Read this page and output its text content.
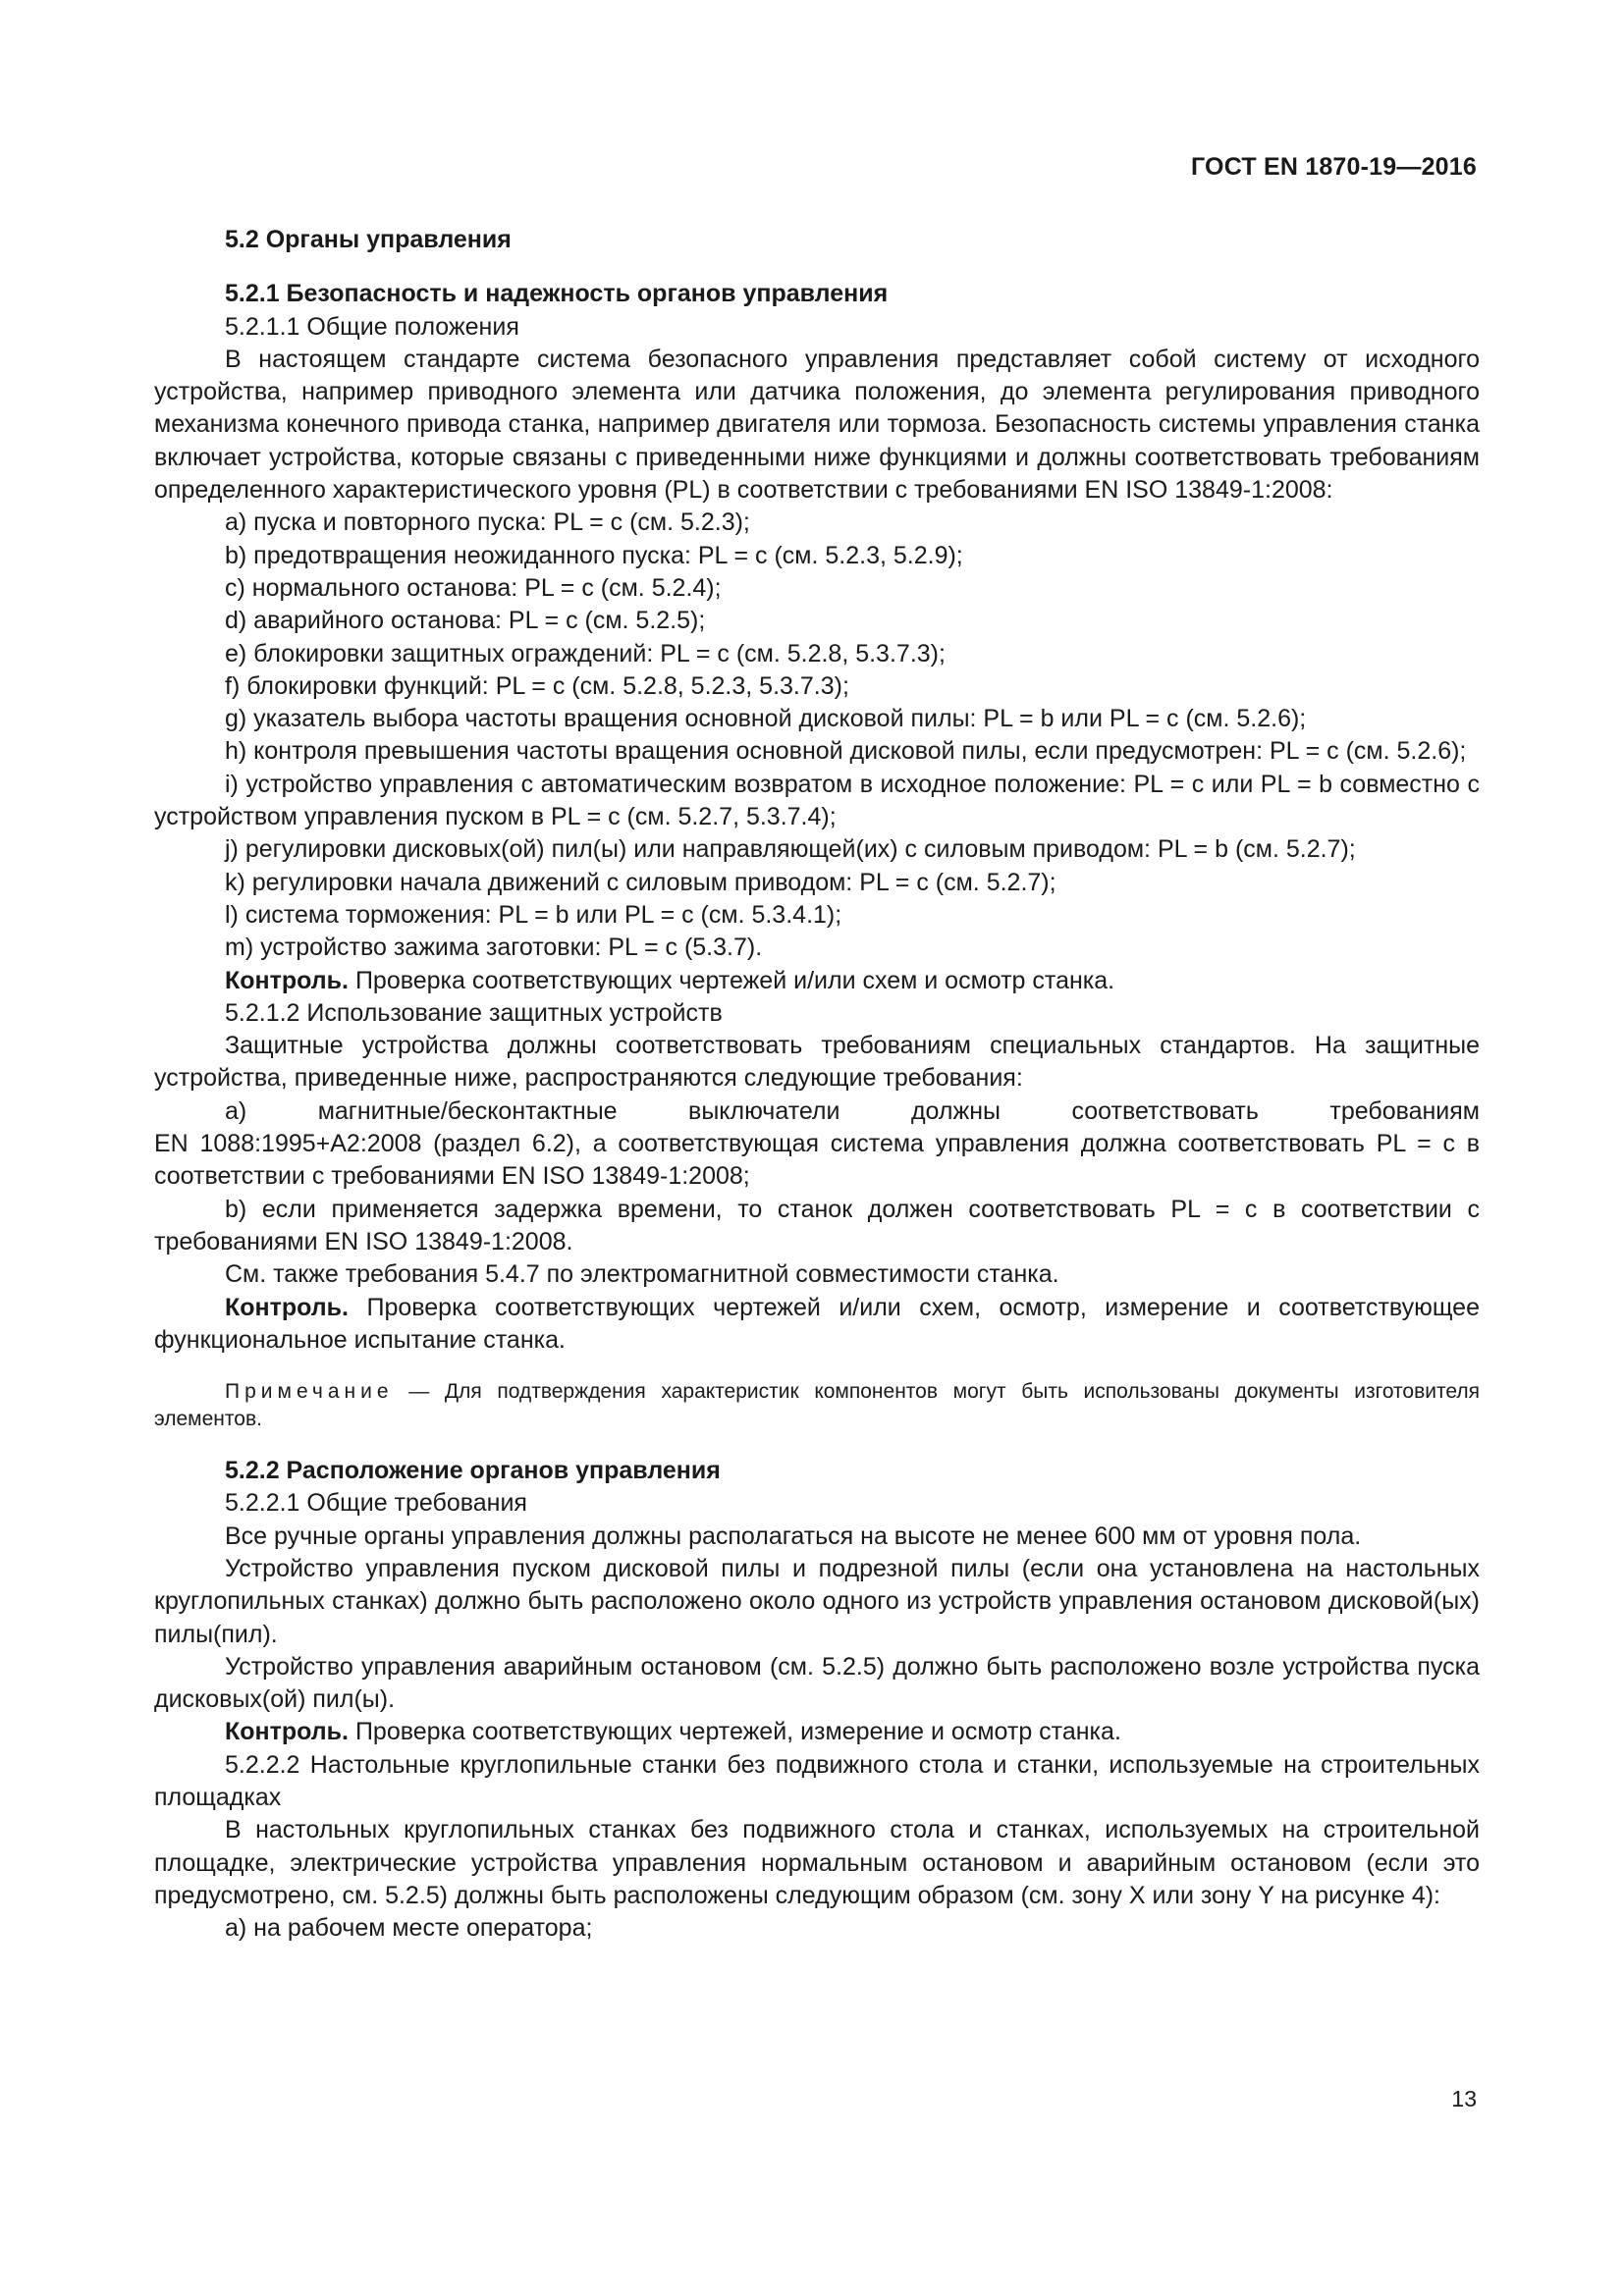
ГОСТ EN 1870-19—2016

5.2 Органы управления

5.2.1 Безопасность и надежность органов управления

5.2.1.1 Общие положения

В настоящем стандарте система безопасного управления представляет собой систему от исходного устройства, например приводного элемента или датчика положения, до элемента регулирования приводного механизма конечного привода станка, например двигателя или тормоза. Безопасность системы управления станка включает устройства, которые связаны с приведенными ниже функциями и должны соответствовать требованиям определенного характеристического уровня (PL) в соответствии с требованиями EN ISO 13849-1:2008:

а) пуска и повторного пуска: PL = c (см. 5.2.3);

b) предотвращения неожиданного пуска: PL = c (см. 5.2.3, 5.2.9);

c) нормального останова: PL = c (см. 5.2.4);

d) аварийного останова: PL = c (см. 5.2.5);

e) блокировки защитных ограждений: PL = c (см. 5.2.8, 5.3.7.3);

f) блокировки функций: PL = c (см. 5.2.8, 5.2.3, 5.3.7.3);

g) указатель выбора частоты вращения основной дисковой пилы: PL = b или PL = c (см. 5.2.6);

h) контроля превышения частоты вращения основной дисковой пилы, если предусмотрен: PL = c (см. 5.2.6);

i) устройство управления с автоматическим возвратом в исходное положение: PL = c или PL = b совместно с устройством управления пуском в PL = c (см. 5.2.7, 5.3.7.4);

j) регулировки дисковых(ой) пил(ы) или направляющей(их) с силовым приводом: PL = b (см. 5.2.7);

k) регулировки начала движений с силовым приводом: PL = c (см. 5.2.7);

l) система торможения: PL = b или PL = c (см. 5.3.4.1);

m) устройство зажима заготовки: PL = c (5.3.7).

Контроль. Проверка соответствующих чертежей и/или схем и осмотр станка.

5.2.1.2 Использование защитных устройств

Защитные устройства должны соответствовать требованиям специальных стандартов. На защитные устройства, приведенные ниже, распространяются следующие требования:

а) магнитные/бесконтактные выключатели должны соответствовать требованиям

EN 1088:1995+A2:2008 (раздел 6.2), а соответствующая система управления должна соответствовать PL = c в соответствии с требованиями EN ISO 13849-1:2008;

b) если применяется задержка времени, то станок должен соответствовать PL = c в соответствии с требованиями EN ISO 13849-1:2008.

См. также требования 5.4.7 по электромагнитной совместимости станка.

Контроль. Проверка соответствующих чертежей и/или схем, осмотр, измерение и соответствующее функциональное испытание станка.

Примечание — Для подтверждения характеристик компонентов могут быть использованы документы изготовителя элементов.

5.2.2 Расположение органов управления

5.2.2.1 Общие требования

Все ручные органы управления должны располагаться на высоте не менее 600 мм от уровня пола.

Устройство управления пуском дисковой пилы и подрезной пилы (если она установлена на настольных круглопильных станках) должно быть расположено около одного из устройств управления остановом дисковой(ых) пилы(пил).

Устройство управления аварийным остановом (см. 5.2.5) должно быть расположено возле устройства пуска дисковых(ой) пил(ы).

Контроль. Проверка соответствующих чертежей, измерение и осмотр станка.

5.2.2.2 Настольные круглопильные станки без подвижного стола и станки, используемые на строительных площадках

В настольных круглопильных станках без подвижного стола и станках, используемых на строительной площадке, электрические устройства управления нормальным остановом и аварийным остановом (если это предусмотрено, см. 5.2.5) должны быть расположены следующим образом (см. зону X или зону Y на рисунке 4):

а) на рабочем месте оператора;

13
